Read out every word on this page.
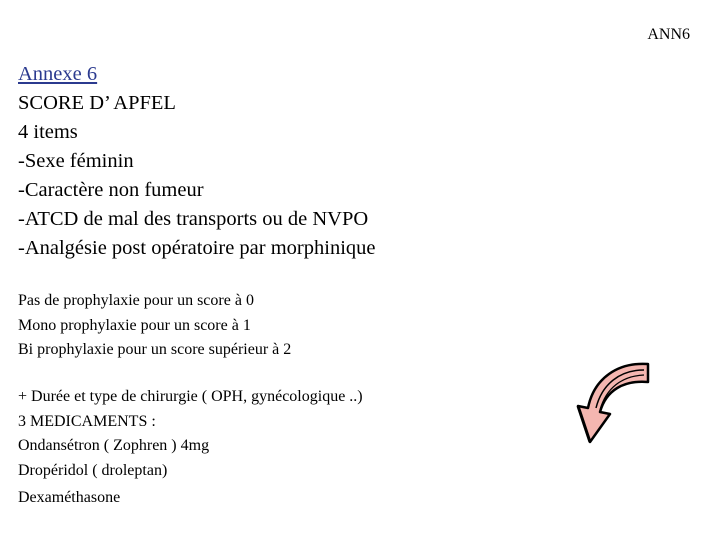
ANN6
Annexe 6
SCORE D’ APFEL
4 items
-Sexe féminin
-Caractère non fumeur
-ATCD de mal des transports ou de NVPO
-Analgésie post opératoire par morphinique
Pas de prophylaxie pour un score à 0
Mono prophylaxie pour un score à 1
Bi prophylaxie pour un score supérieur à 2
+ Durée et type de chirurgie ( OPH, gynécologique ..)
3 MEDICAMENTS :
Ondansétron ( Zophren ) 4mg
Dropéridol ( droleptan)
Dexaméthasone
